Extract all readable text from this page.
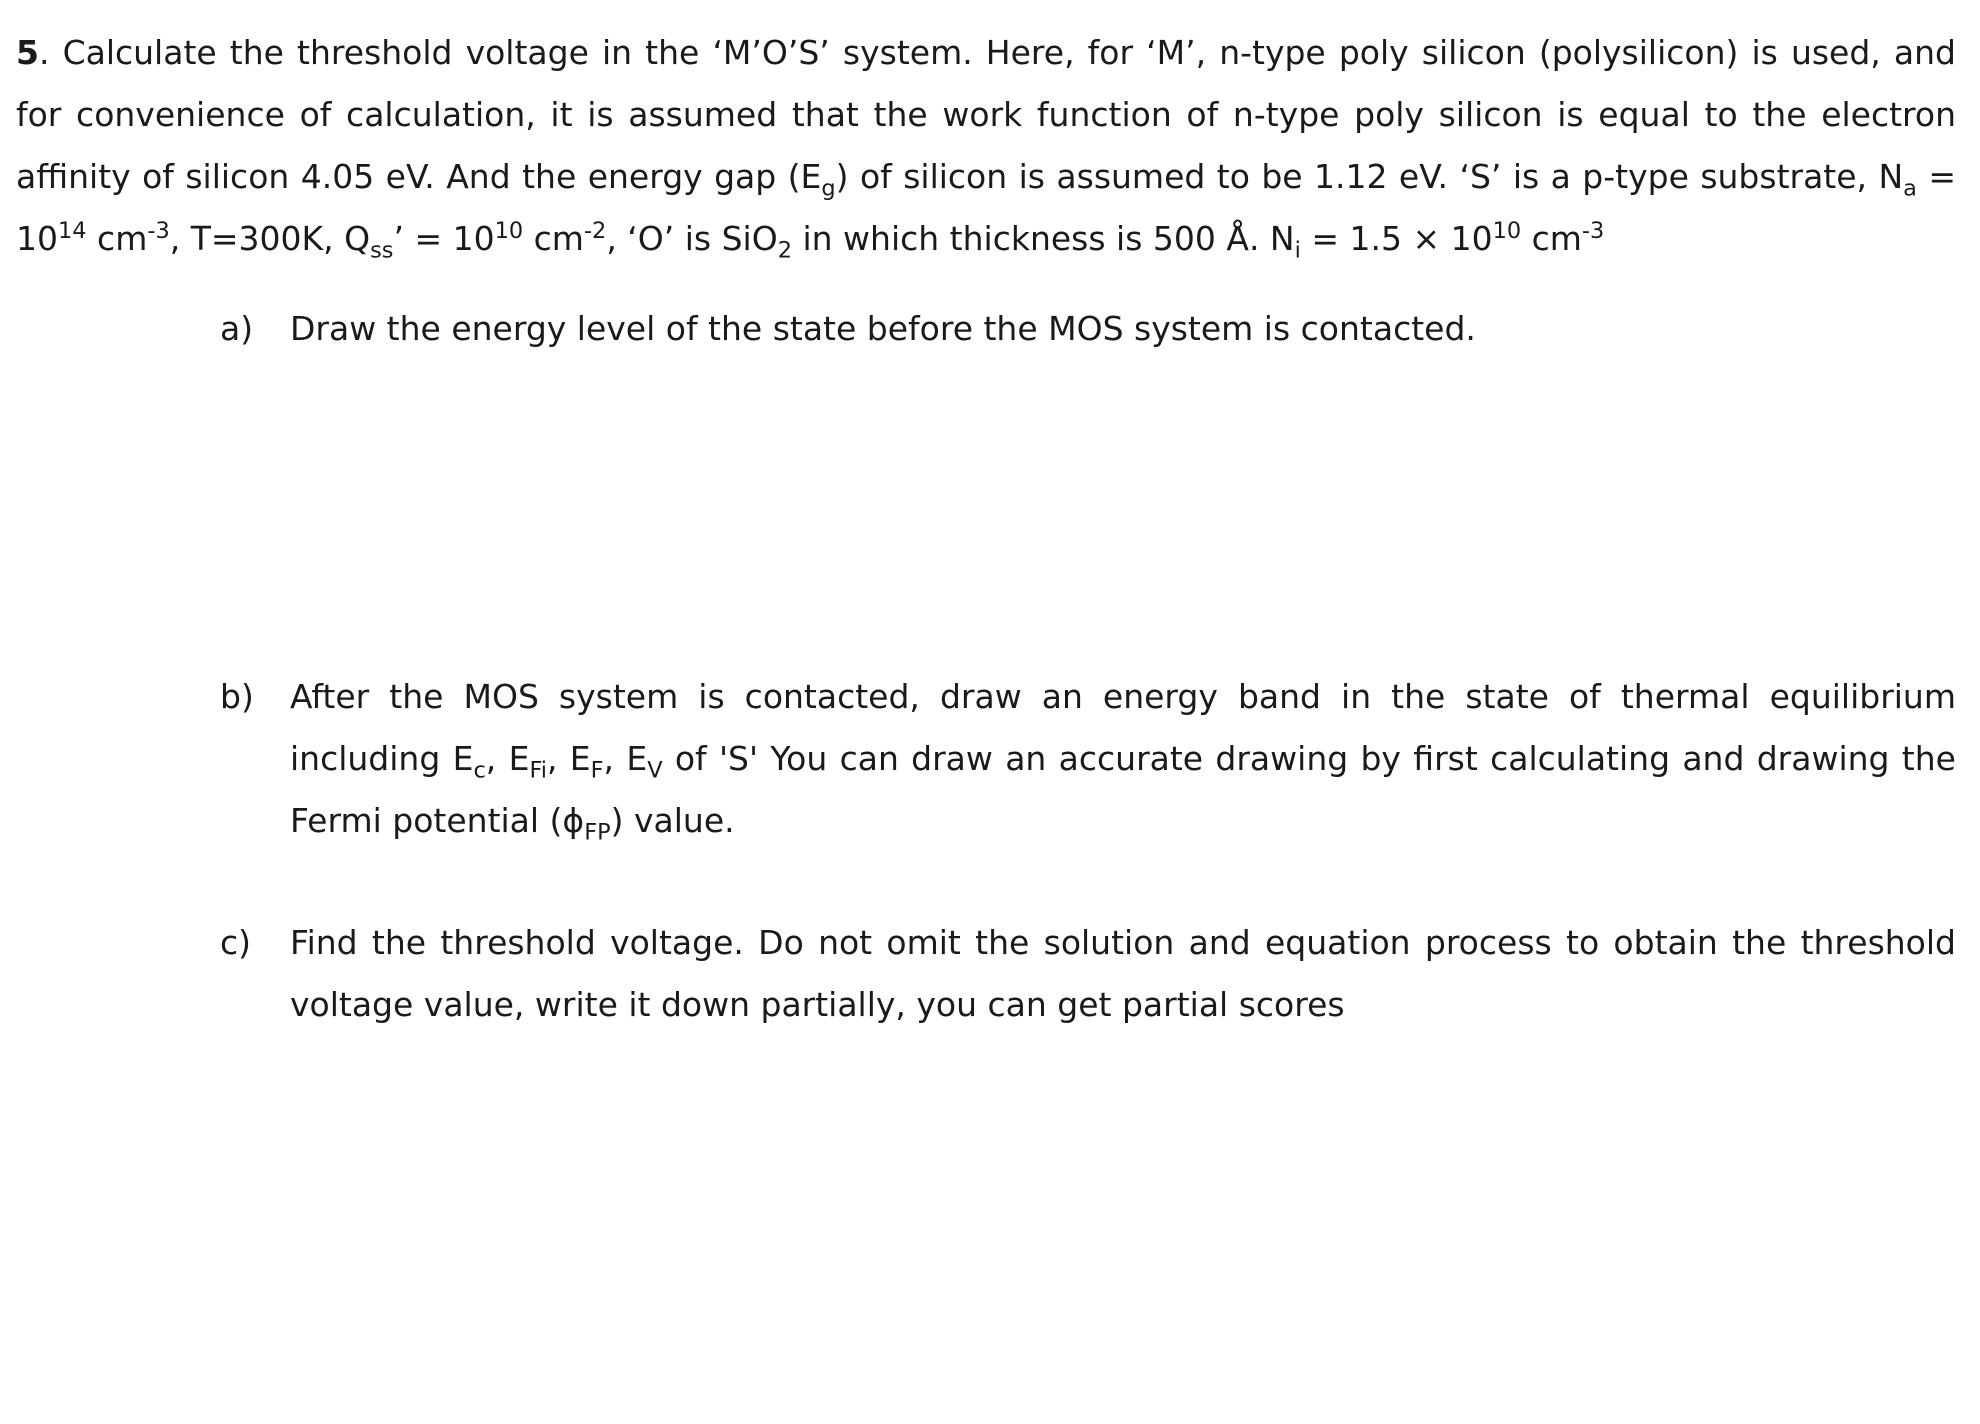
5. Calculate the threshold voltage in the ‘M’O’S’ system. Here, for ‘M’, n-type poly silicon (polysilicon) is used, and for convenience of calculation, it is assumed that the work function of n-type poly silicon is equal to the electron affinity of silicon 4.05 eV. And the energy gap $(E_g)$ of silicon is assumed to be 1.12 eV. ‘S’ is a p-type substrate, $N_a = 10^{14}$ $cm^{-3}$, T=300K, $Q_{ss}$’ = $10^{10}$ $cm^{-2}$, ‘O’ is SiO$_2$ in which thickness is 500 Å. $N_i = 1.5 \times 10^{10}$ $cm^{-3}$
a) Draw the energy level of the state before the MOS system is contacted.
b) After the MOS system is contacted, draw an energy band in the state of thermal equilibrium including $E_c$, $E_{Fi}$, $E_F$, $E_V$ of 'S' You can draw an accurate drawing by first calculating and drawing the Fermi potential $(\phi_{FP})$ value.
c) Find the threshold voltage. Do not omit the solution and equation process to obtain the threshold voltage value, write it down partially, you can get partial scores
